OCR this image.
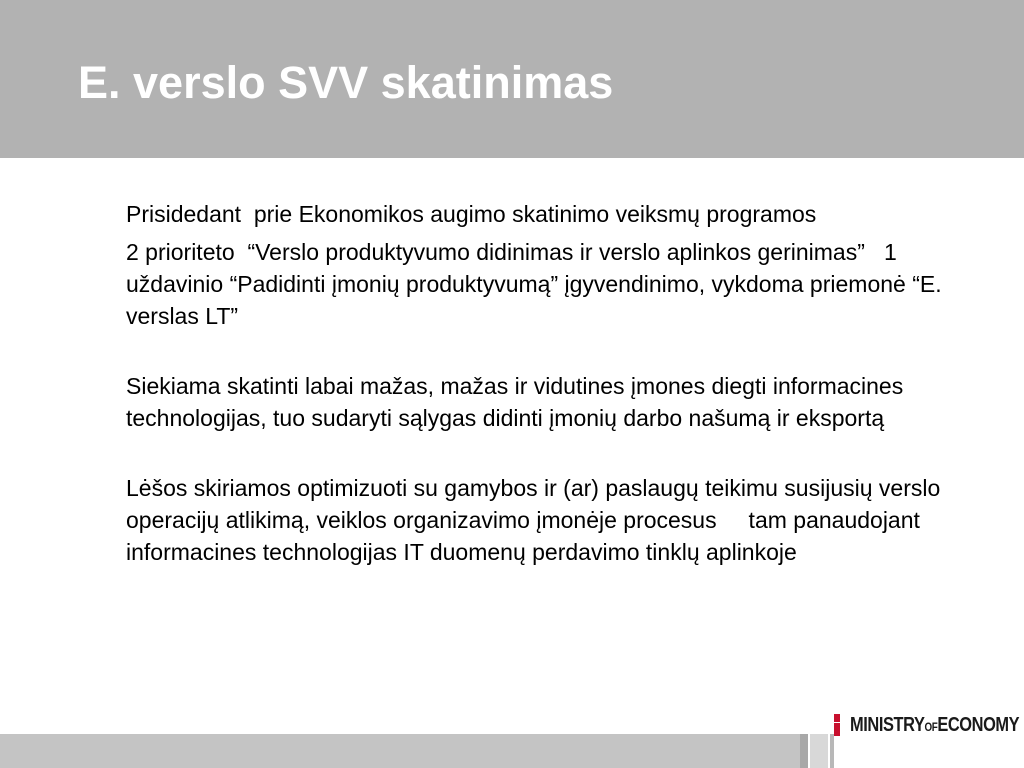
E. verslo SVV skatinimas

Prisidedant  prie Ekonomikos augimo skatinimo veiksmų programos

2 prioriteto  “Verslo produktyvumo didinimas ir verslo aplinkos gerinimas”   1 uždavinio “Padidinti įmonių produktyvumą” įgyvendinimo, vykdoma priemonė “E. verslas LT”

Siekiama skatinti labai mažas, mažas ir vidutines įmones diegti informacines technologijas, tuo sudaryti sąlygas didinti įmonių darbo našumą ir eksportą

Lėšos skiriamos optimizuoti su gamybos ir (ar) paslaugų teikimu susijusių verslo operacijų atlikimą, veiklos organizavimo įmonėje procesus     tam panaudojant informacines technologijas IT duomenų perdavimo tinklų aplinkoje

MINISTRYOFECONOMY
